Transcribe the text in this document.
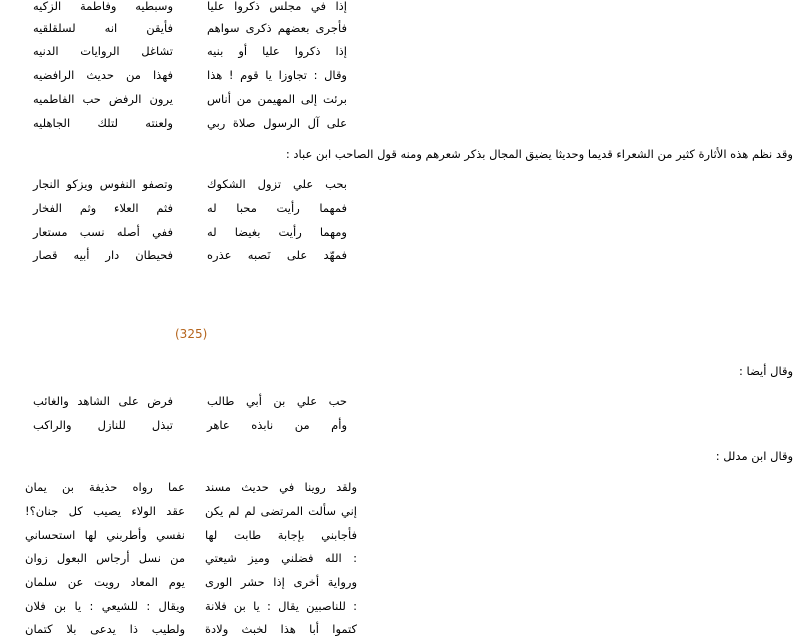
إذا في مجلس ذكروا عليا
وسبطيه وفاطمة الزكيه
فأجرى بعضهم ذكرى سواهم
فأيقن انه لسلقلقيه
إذا ذكروا عليا أو بنيه
تشاغل الروايات الدنيه
وقال : تجاوزا يا قوم ! هذا
فهذا من حديث الرافضيه
برئت إلى المهيمن من أناس
يرون الرفض حب الفاطميه
على آل الرسول صلاة ربي
ولعنته لتلك الجاهليه
وقد نظم هذه الأثارة كثير من الشعراء قديما وحديثا يضيق المجال بذكر شعرهم ومنه قول الصاحب ابن عباد :
بحب علي تزول الشكوك
وتصفو النفوس ويزكو النجار
فمهما رأيت محبا له
فثم العلاء وثم الفخار
ومهما رأيت بغيضا له
ففي أصله نسب مستعار
فمهّد على نَصبه عذره
فحيطان دار أبيه قصار
(325)
وقال أيضا :
حب علي بن أبي طالب
فرض على الشاهد والغائب
وأم من نابذه عاهر
تبذل للنازل والراكب
وقال ابن مدلل :
ولقد روينا في حديث مسند
عما رواه حذيفة بن يمان
إني سألت المرتضى لم لم يكن
عقد الولاء يصيب كل جنان؟!
فأجابني بإجابة طابت لها
نفسي وأطربني لها استحساني
: الله فضلني وميز شيعتي
من نسل أرجاس البعول زوان
ورواية أخرى إذا حشر الورى
يوم المعاد رويت عن سلمان
: للناصبين يقال : يا بن فلانة
ويقال : للشيعي : يا بن فلان
كتموا أبا هذا لخبث ولادة
ولطيب ذا يدعى بلا كتمان
